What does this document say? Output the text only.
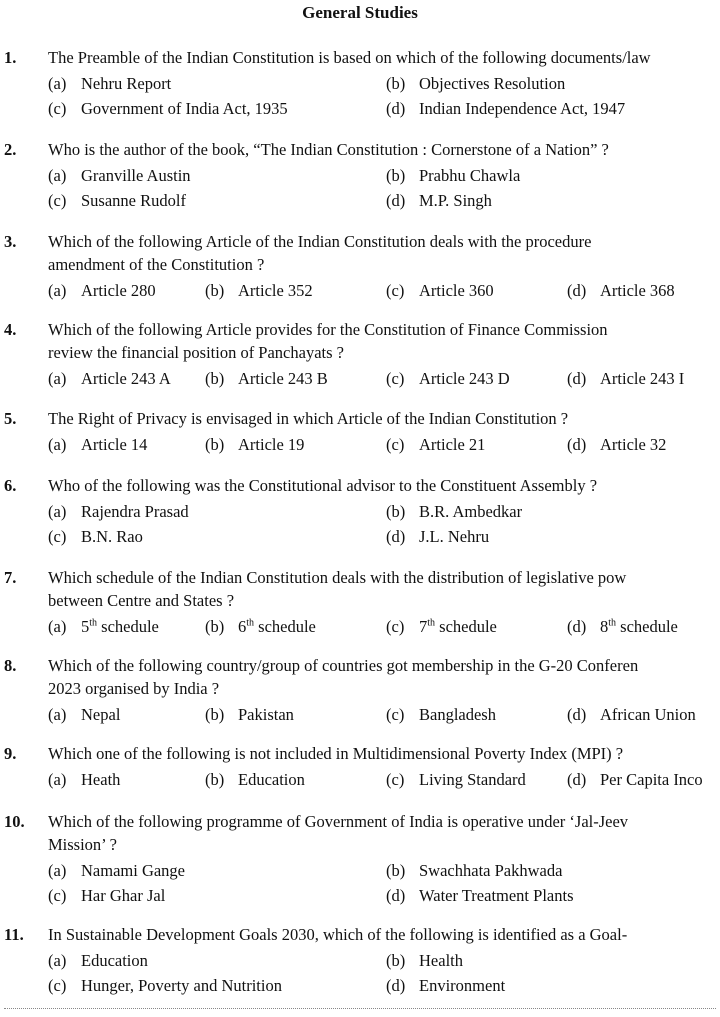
General Studies
1. The Preamble of the Indian Constitution is based on which of the following documents/law
(a) Nehru Report	(b) Objectives Resolution
(c) Government of India Act, 1935	(d) Indian Independence Act, 1947
2. Who is the author of the book, “The Indian Constitution : Cornerstone of a Nation” ?
(a) Granville Austin	(b) Prabhu Chawla
(c) Susanne Rudolf	(d) M.P. Singh
3. Which of the following Article of the Indian Constitution deals with the procedure
amendment of the Constitution ?
(a) Article 280	(b) Article 352	(c) Article 360	(d) Article 368
4. Which of the following Article provides for the Constitution of Finance Commission
review the financial position of Panchayats ?
(a) Article 243 A (b) Article 243 B	(c) Article 243 D	(d) Article 243 I
5. The Right of Privacy is envisaged in which Article of the Indian Constitution ?
(a) Article 14	(b) Article 19	(c) Article 21	(d) Article 32
6. Who of the following was the Constitutional advisor to the Constituent Assembly ?
(a) Rajendra Prasad	(b) B.R. Ambedkar
(c) B.N. Rao	(d) J.L. Nehru
7. Which schedule of the Indian Constitution deals with the distribution of legislative pow
between Centre and States ?
(a) 5th schedule	(b) 6th schedule	(c) 7th schedule	(d) 8th schedule
8. Which of the following country/group of countries got membership in the G-20 Conferen
2023 organised by India ?
(a) Nepal	(b) Pakistan	(c) Bangladesh	(d) African Union
9. Which one of the following is not included in Multidimensional Poverty Index (MPI) ?
(a) Heath	(b) Education	(c) Living Standard (d) Per Capita Inco
10. Which of the following programme of Government of India is operative under ‘Jal-Jeev
Mission’ ?
(a) Namami Gange	(b) Swachhata Pakhwada
(c) Har Ghar Jal	(d) Water Treatment Plants
11. In Sustainable Development Goals 2030, which of the following is identified as a Goal-
(a) Education	(b) Health
(c) Hunger, Poverty and Nutrition	(d) Environment
